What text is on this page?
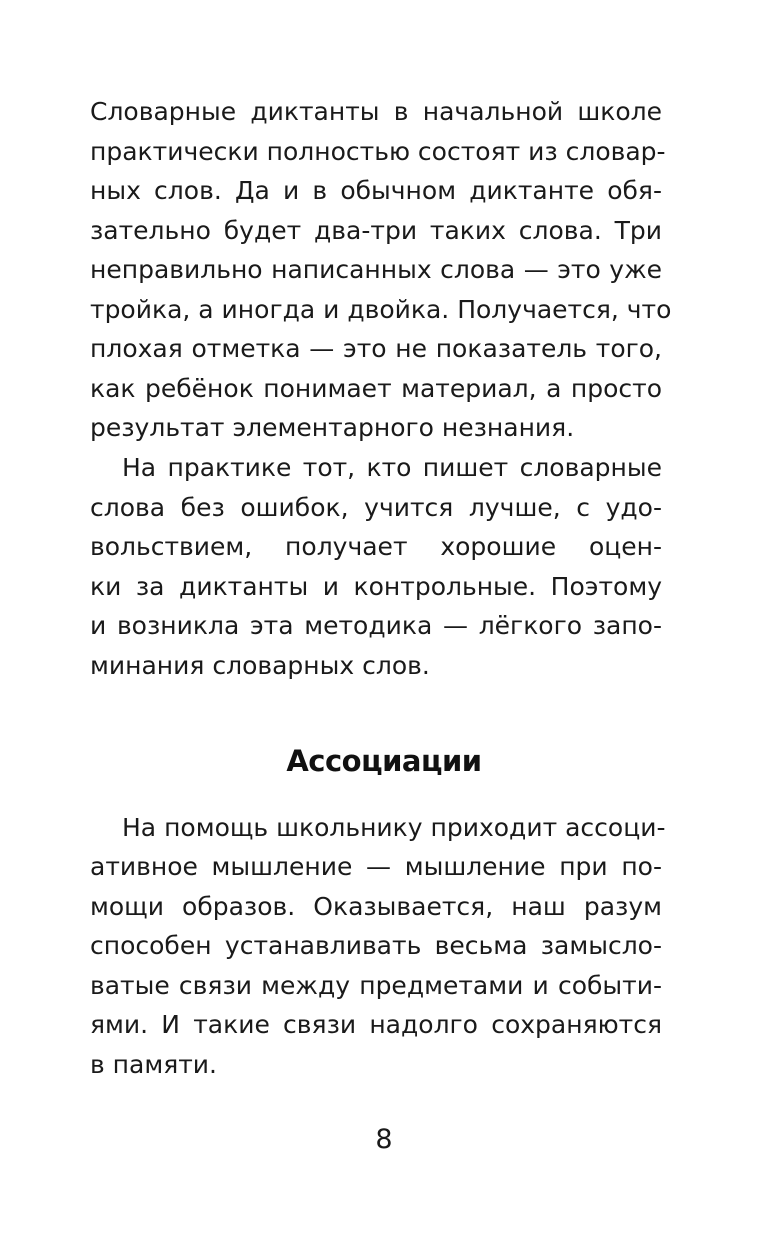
Словарные диктанты в начальной школе
практически полностью состоят из словар-
ных слов. Да и в обычном диктанте обя-
зательно будет два-три таких слова. Три
неправильно написанных слова — это уже
тройка, а иногда и двойка. Получается, что
плохая отметка — это не показатель того,
как ребёнок понимает материал, а просто
результат элементарного незнания.
На практике тот, кто пишет словарные
слова без ошибок, учится лучше, с удо-
вольствием, получает хорошие оцен-
ки за диктанты и контрольные. Поэтому
и возникла эта методика — лёгкого запо-
минания словарных слов.
Ассоциации
На помощь школьнику приходит ассоци-
ативное мышление — мышление при по-
мощи образов. Оказывается, наш разум
способен устанавливать весьма замысло-
ватые связи между предметами и событи-
ями. И такие связи надолго сохраняются
в памяти.
8
